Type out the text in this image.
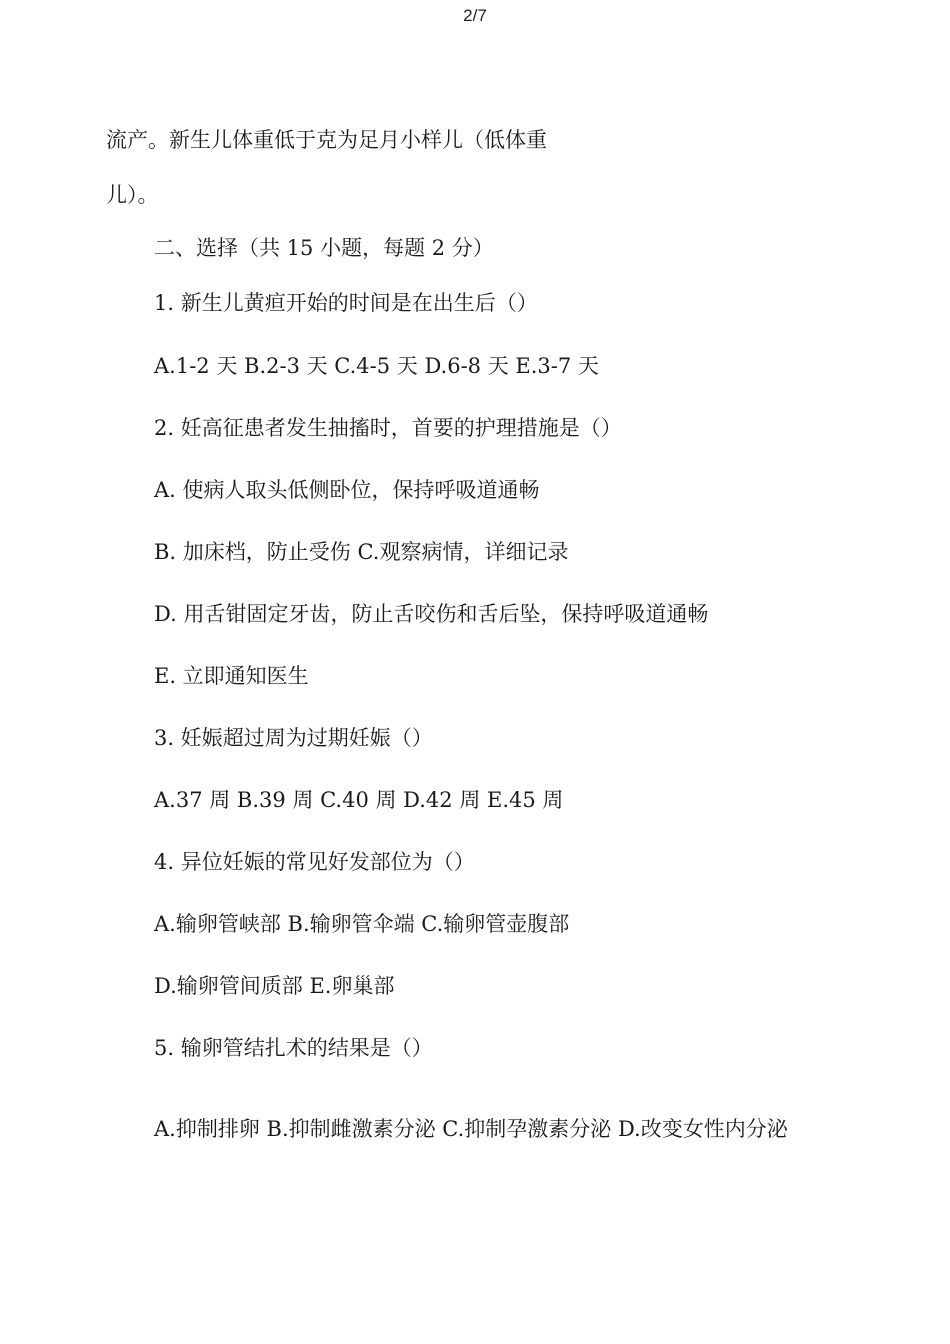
2/7
流产。新生儿体重低于克为足月小样儿（低体重
儿）。
二、选择（共 15 小题，每题 2 分）
1. 新生儿黄疸开始的时间是在出生后（）
A.1-2 天 B.2-3 天 C.4-5 天 D.6-8 天 E.3-7 天
2. 妊高征患者发生抽搐时，首要的护理措施是（）
A. 使病人取头低侧卧位，保持呼吸道通畅
B. 加床档，防止受伤 C.观察病情，详细记录
D. 用舌钳固定牙齿，防止舌咬伤和舌后坠，保持呼吸道通畅
E. 立即通知医生
3. 妊娠超过周为过期妊娠（）
A.37 周 B.39 周 C.40 周 D.42 周 E.45 周
4. 异位妊娠的常见好发部位为（）
A.输卵管峡部 B.输卵管伞端 C.输卵管壶腹部
D.输卵管间质部 E.卵巢部
5. 输卵管结扎术的结果是（）
A.抑制排卵 B.抑制雌激素分泌 C.抑制孕激素分泌 D.改变女性内分泌
